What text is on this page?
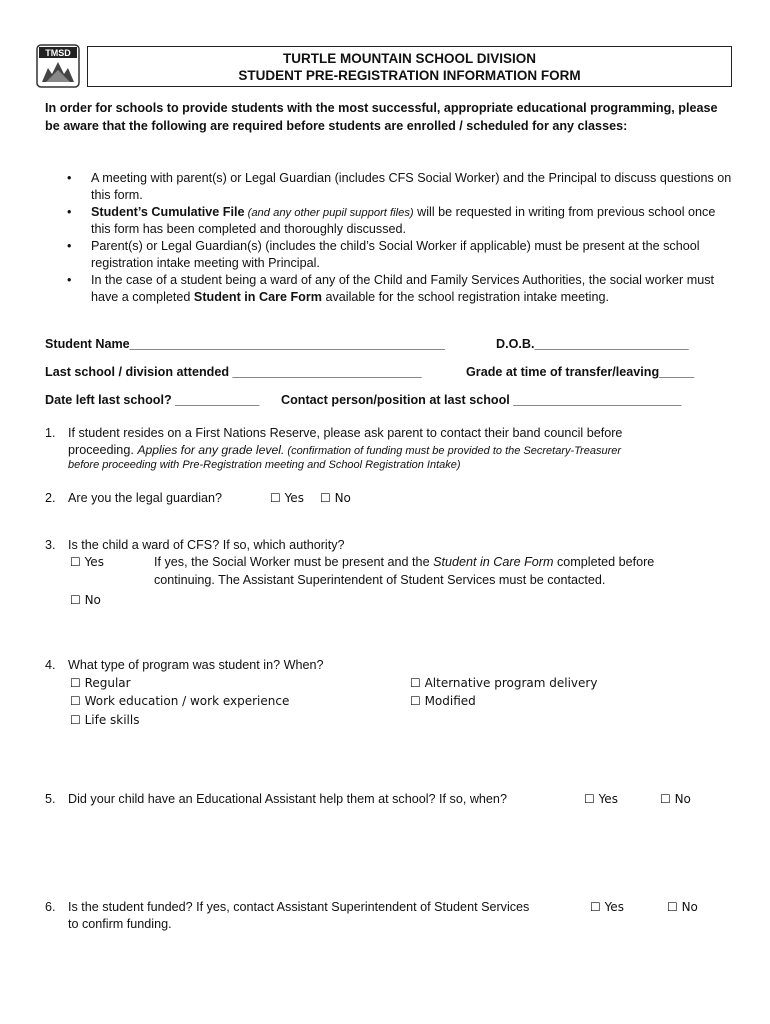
TMSD	TURTLE MOUNTAIN SCHOOL DIVISION
STUDENT PRE-REGISTRATION INFORMATION FORM
In order for schools to provide students with the most successful, appropriate educational programming, please be aware that the following are required before students are enrolled / scheduled for any classes:
• A meeting with parent(s) or Legal Guardian (includes CFS Social Worker) and the Principal to discuss questions on this form.
• Student’s Cumulative File (and any other pupil support files) will be requested in writing from previous school once this form has been completed and thoroughly discussed.
• Parent(s) or Legal Guardian(s) (includes the child’s Social Worker if applicable) must be present at the school registration intake meeting with Principal.
• In the case of a student being a ward of any of the Child and Family Services Authorities, the social worker must have a completed Student in Care Form available for the school registration intake meeting.
Student Name_____________________________________________	D.O.B.______________________
Last school / division attended ___________________________	Grade at time of transfer/leaving_____
Date left last school? ____________ Contact person/position at last school ________________________
1. If student resides on a First Nations Reserve, please ask parent to contact their band council before
proceeding. Applies for any grade level. (confirmation of funding must be provided to the Secretary-Treasurer
before proceeding with Pre-Registration meeting and School Registration Intake)
2. Are you the legal guardian?	☐ Yes ☐ No
3. Is the child a ward of CFS? If so, which authority?
☐ Yes	If yes, the Social Worker must be present and the Student in Care Form completed before
continuing. The Assistant Superintendent of Student Services must be contacted.
☐ No
4. What type of program was student in? When?
☐ Regular
☐ Work education / work experience
☐ Life skills
☐ Alternative program delivery
☐ Modified
5. Did your child have an Educational Assistant help them at school? If so, when?	☐ Yes	☐ No
6. Is the student funded? If yes, contact Assistant Superintendent of Student Services
to confirm funding.
☐ Yes	☐ No
